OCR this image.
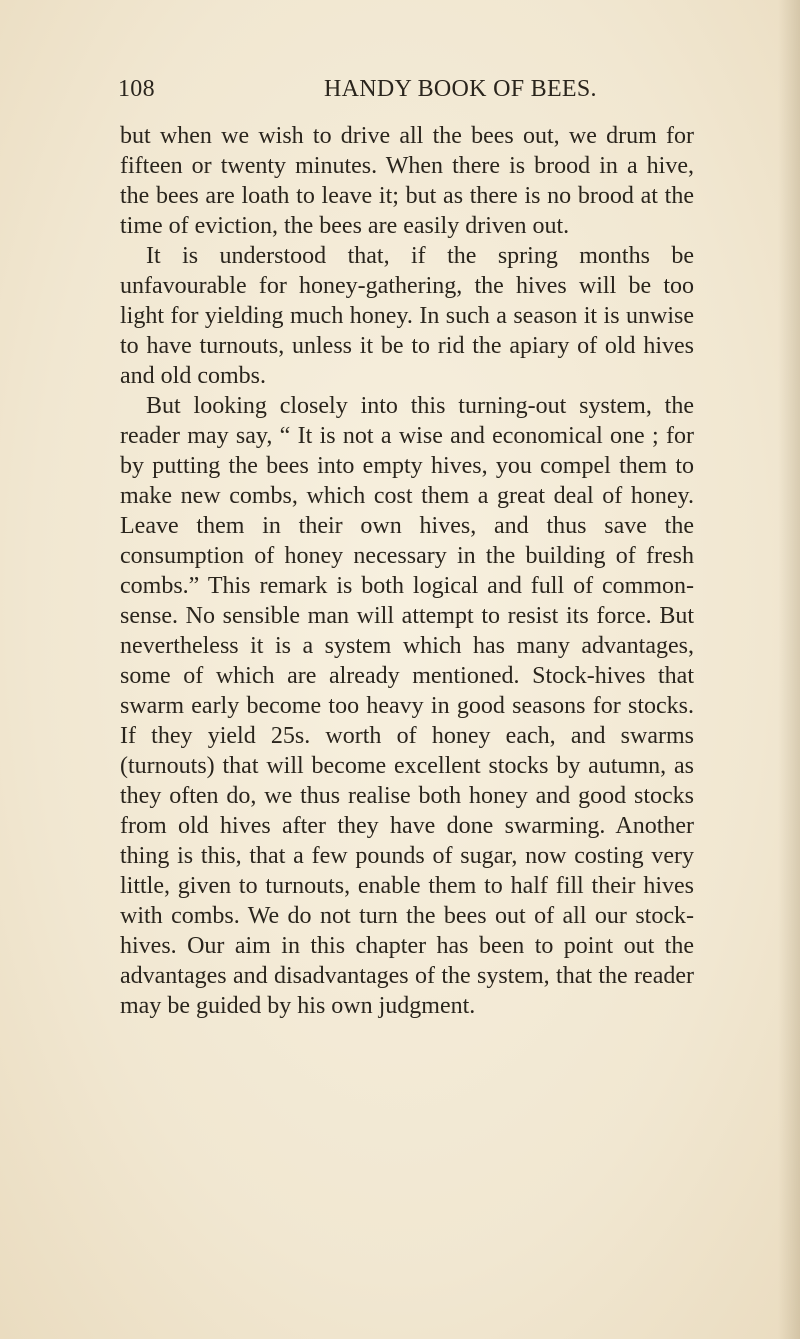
108	HANDY BOOK OF BEES.

but when we wish to drive all the bees out, we drum for fifteen or twenty minutes. When there is brood in a hive, the bees are loath to leave it; but as there is no brood at the time of eviction, the bees are easily driven out.

It is understood that, if the spring months be unfavourable for honey-gathering, the hives will be too light for yielding much honey. In such a season it is unwise to have turnouts, unless it be to rid the apiary of old hives and old combs.

But looking closely into this turning-out system, the reader may say, “ It is not a wise and economical one ; for by putting the bees into empty hives, you compel them to make new combs, which cost them a great deal of honey. Leave them in their own hives, and thus save the consumption of honey necessary in the building of fresh combs.” This remark is both logical and full of common-sense. No sensible man will attempt to resist its force. But nevertheless it is a system which has many advantages, some of which are already mentioned. Stock-hives that swarm early become too heavy in good seasons for stocks. If they yield 25s. worth of honey each, and swarms (turnouts) that will become excellent stocks by autumn, as they often do, we thus realise both honey and good stocks from old hives after they have done swarming. Another thing is this, that a few pounds of sugar, now costing very little, given to turnouts, enable them to half fill their hives with combs. We do not turn the bees out of all our stock-hives. Our aim in this chapter has been to point out the advantages and disadvantages of the system, that the reader may be guided by his own judgment.
